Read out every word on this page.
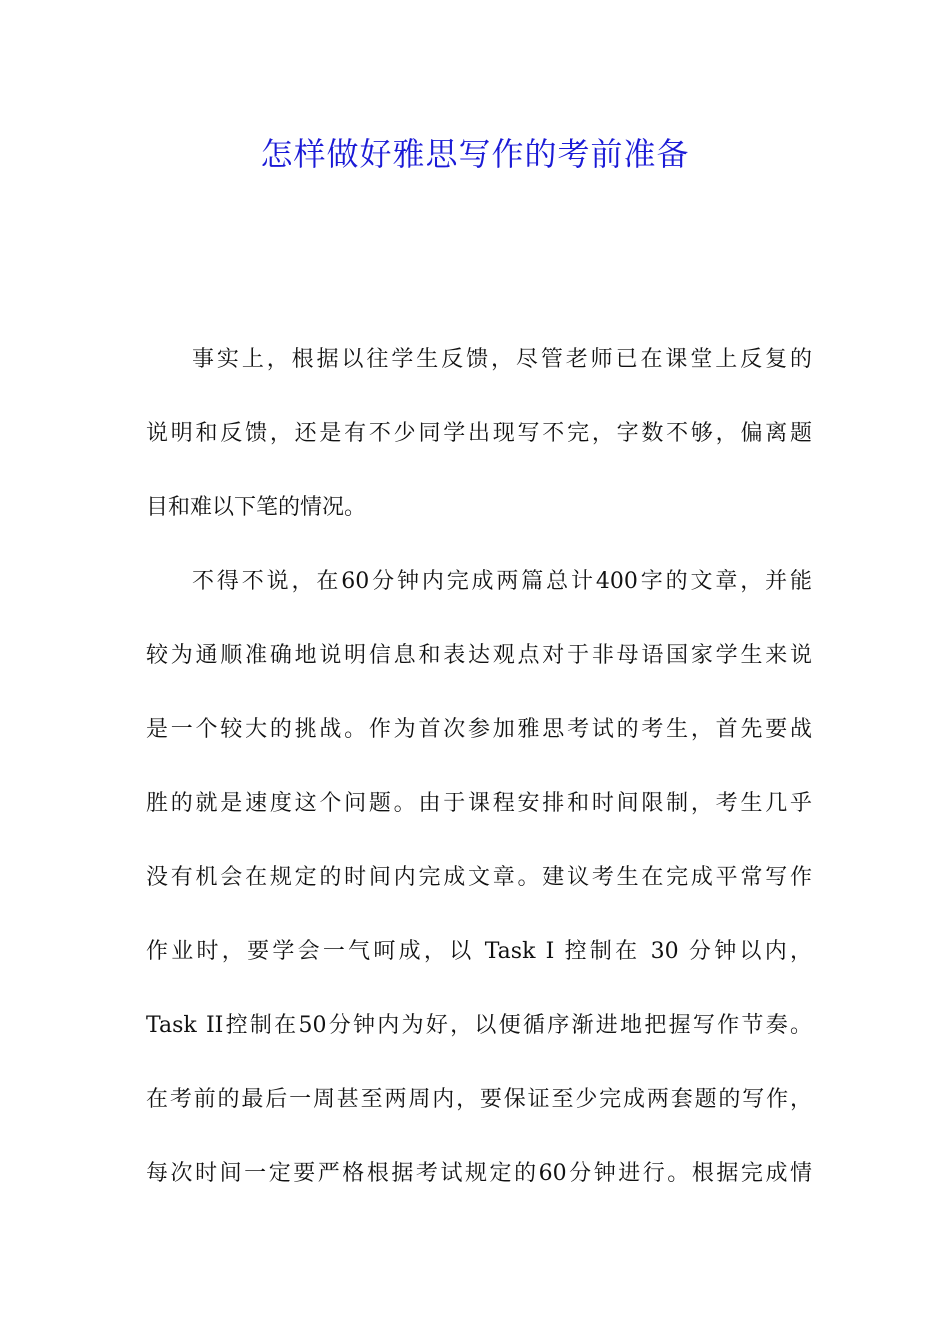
怎样做好雅思写作的考前准备
事实上，根据以往学生反馈，尽管老师已在课堂上反复的
说明和反馈，还是有不少同学出现写不完，字数不够，偏离题
目和难以下笔的情况。
不得不说，在60分钟内完成两篇总计400字的文章，并能
较为通顺准确地说明信息和表达观点对于非母语国家学生来说
是一个较大的挑战。作为首次参加雅思考试的考生，首先要战
胜的就是速度这个问题。由于课程安排和时间限制，考生几乎
没有机会在规定的时间内完成文章。建议考生在完成平常写作
作业时，要学会一气呵成，以 Task I 控制在 30 分钟以内，
Task II控制在50分钟内为好，以便循序渐进地把握写作节奏。
在考前的最后一周甚至两周内，要保证至少完成两套题的写作，
每次时间一定要严格根据考试规定的60分钟进行。根据完成情
